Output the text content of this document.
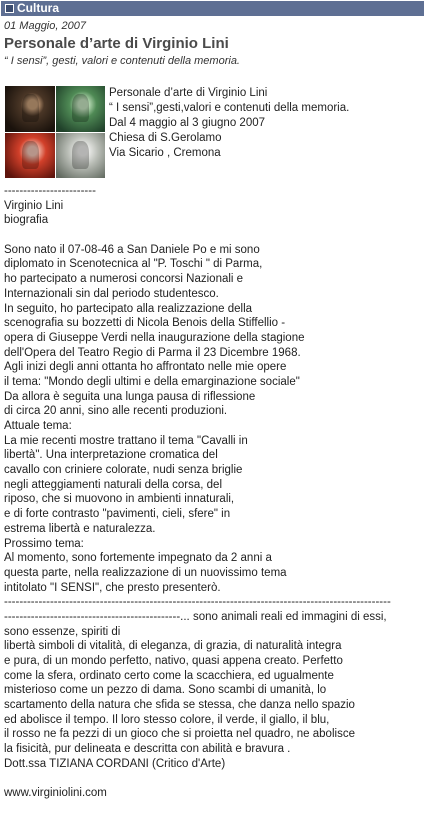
Cultura
01 Maggio, 2007
Personale d’arte di Virginio Lini
“ I sensi”, gesti, valori e contenuti della memoria.
Personale d’arte di Virginio Lini
“ I sensi”,gesti,valori e contenuti della memoria.
Dal 4 maggio al 3 giugno 2007
Chiesa di S.Gerolamo
Via Sicario , Cremona
------------------------
Virginio Lini
biografia
Sono nato il 07-08-46 a San Daniele Po e mi sono
diplomato in Scenotecnica al "P. Toschi " di Parma,
ho partecipato a numerosi concorsi Nazionali e
Internazionali sin dal periodo studentesco.
In seguito, ho partecipato alla realizzazione della
scenografia su bozzetti di Nicola Benois della Stiffellio -
opera di Giuseppe Verdi nella inaugurazione della stagione
dell'Opera del Teatro Regio di Parma il 23 Dicembre 1968.
Agli inizi degli anni ottanta ho affrontato nelle mie opere
il tema: "Mondo degli ultimi e della emarginazione sociale"
Da allora è seguita una lunga pausa di riflessione
di circa 20 anni, sino alle recenti produzioni.
Attuale tema:
La mie recenti mostre trattano il tema "Cavalli in
libertà". Una interpretazione cromatica del
cavallo con criniere colorate, nudi senza briglie
negli atteggiamenti naturali della corsa, del
riposo, che si muovono in ambienti innaturali,
e di forte contrasto "pavimenti, cieli, sfere" in
estrema libertà e naturalezza.
Prossimo tema:
Al momento, sono fortemente impegnato da 2 anni a
questa parte, nella realizzazione di un nuovissimo tema
intitolato "I SENSI", che presto presenterò.
-----------------------------------------------------------------------------------------------------
----------------------------------------------... sono animali reali ed immagini di essi,
sono essenze, spiriti di
libertà simboli di vitalità, di eleganza, di grazia, di naturalità integra
e pura, di un mondo perfetto, nativo, quasi appena creato. Perfetto
come la sfera, ordinato certo come la scacchiera, ed ugualmente
misterioso come un pezzo di dama. Sono scambi di umanità, lo
scartamento della natura che sfida se stessa, che danza nello spazio
ed abolisce il tempo. Il loro stesso colore, il verde, il giallo, il blu,
il rosso ne fa pezzi di un gioco che si proietta nel quadro, ne abolisce
la fisicità, pur delineata e descritta con abilità e bravura .
Dott.ssa TIZIANA CORDANI (Critico d'Arte)
www.virginiolini.com
